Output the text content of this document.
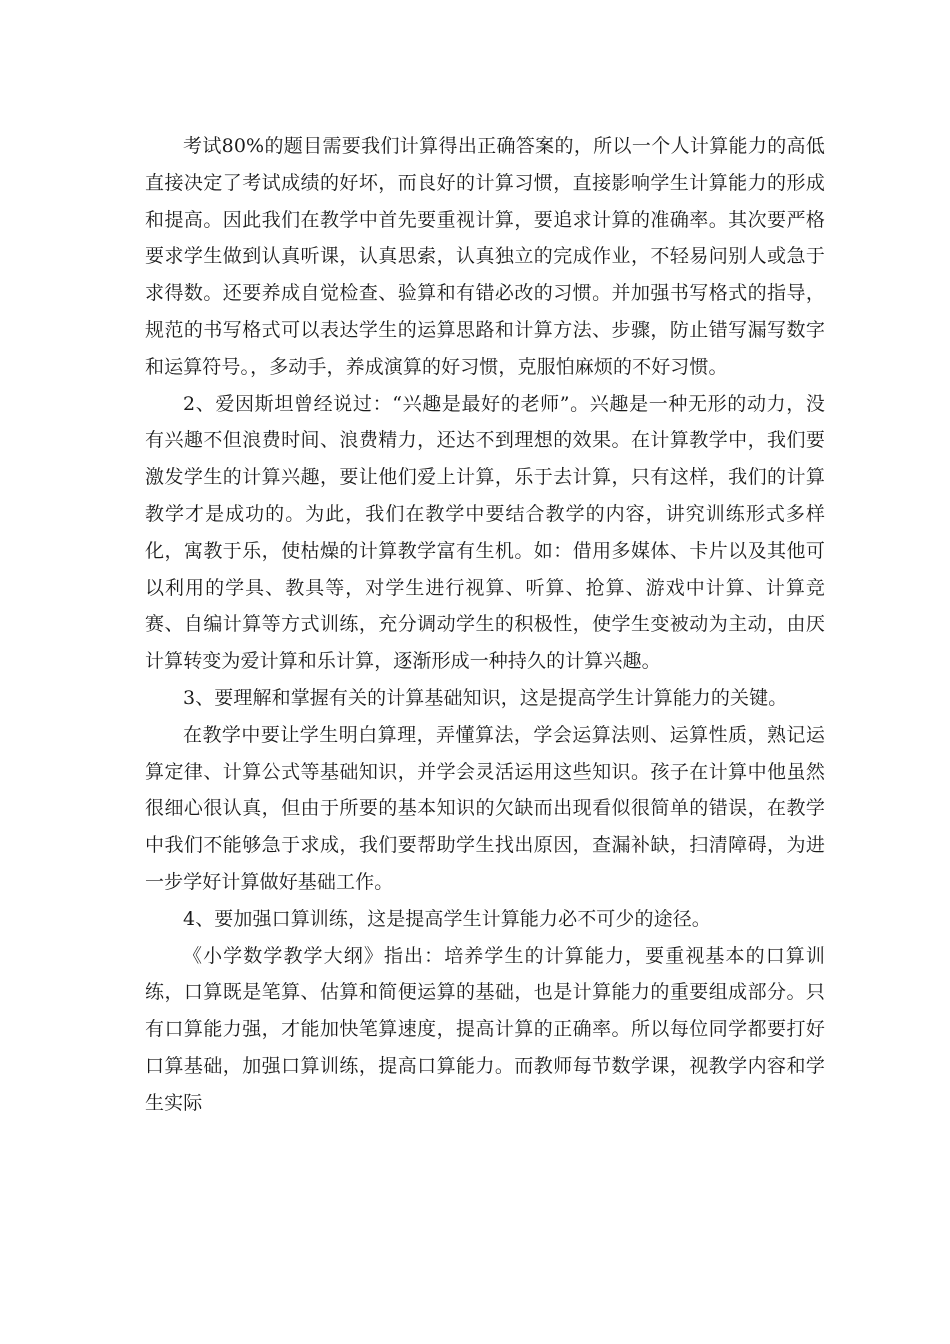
考试80%的题目需要我们计算得出正确答案的，所以一个人计算能力的高低直接决定了考试成绩的好坏，而良好的计算习惯，直接影响学生计算能力的形成和提高。因此我们在教学中首先要重视计算，要追求计算的准确率。其次要严格要求学生做到认真听课，认真思索，认真独立的完成作业，不轻易问别人或急于求得数。还要养成自觉检查、验算和有错必改的习惯。并加强书写格式的指导，规范的书写格式可以表达学生的运算思路和计算方法、步骤，防止错写漏写数字和运算符号。，多动手，养成演算的好习惯，克服怕麻烦的不好习惯。

2、爱因斯坦曾经说过：“兴趣是最好的老师”。兴趣是一种无形的动力，没有兴趣不但浪费时间、浪费精力，还达不到理想的效果。在计算教学中，我们要激发学生的计算兴趣，要让他们爱上计算，乐于去计算，只有这样，我们的计算教学才是成功的。为此，我们在教学中要结合教学的内容，讲究训练形式多样化，寓教于乐，使枯燥的计算教学富有生机。如：借用多媒体、卡片以及其他可以利用的学具、教具等，对学生进行视算、听算、抢算、游戏中计算、计算竞赛、自编计算等方式训练，充分调动学生的积极性，使学生变被动为主动，由厌计算转变为爱计算和乐计算，逐渐形成一种持久的计算兴趣。

3、要理解和掌握有关的计算基础知识，这是提高学生计算能力的关键。

在教学中要让学生明白算理，弄懂算法，学会运算法则、运算性质，熟记运算定律、计算公式等基础知识，并学会灵活运用这些知识。孩子在计算中他虽然很细心很认真，但由于所要的基本知识的欠缺而出现看似很简单的错误，在教学中我们不能够急于求成，我们要帮助学生找出原因，查漏补缺，扫清障碍，为进一步学好计算做好基础工作。

4、要加强口算训练，这是提高学生计算能力必不可少的途径。

《小学数学教学大纲》指出：培养学生的计算能力，要重视基本的口算训练，口算既是笔算、估算和简便运算的基础，也是计算能力的重要组成部分。只有口算能力强，才能加快笔算速度，提高计算的正确率。所以每位同学都要打好口算基础，加强口算训练，提高口算能力。而教师每节数学课，视教学内容和学生实际
